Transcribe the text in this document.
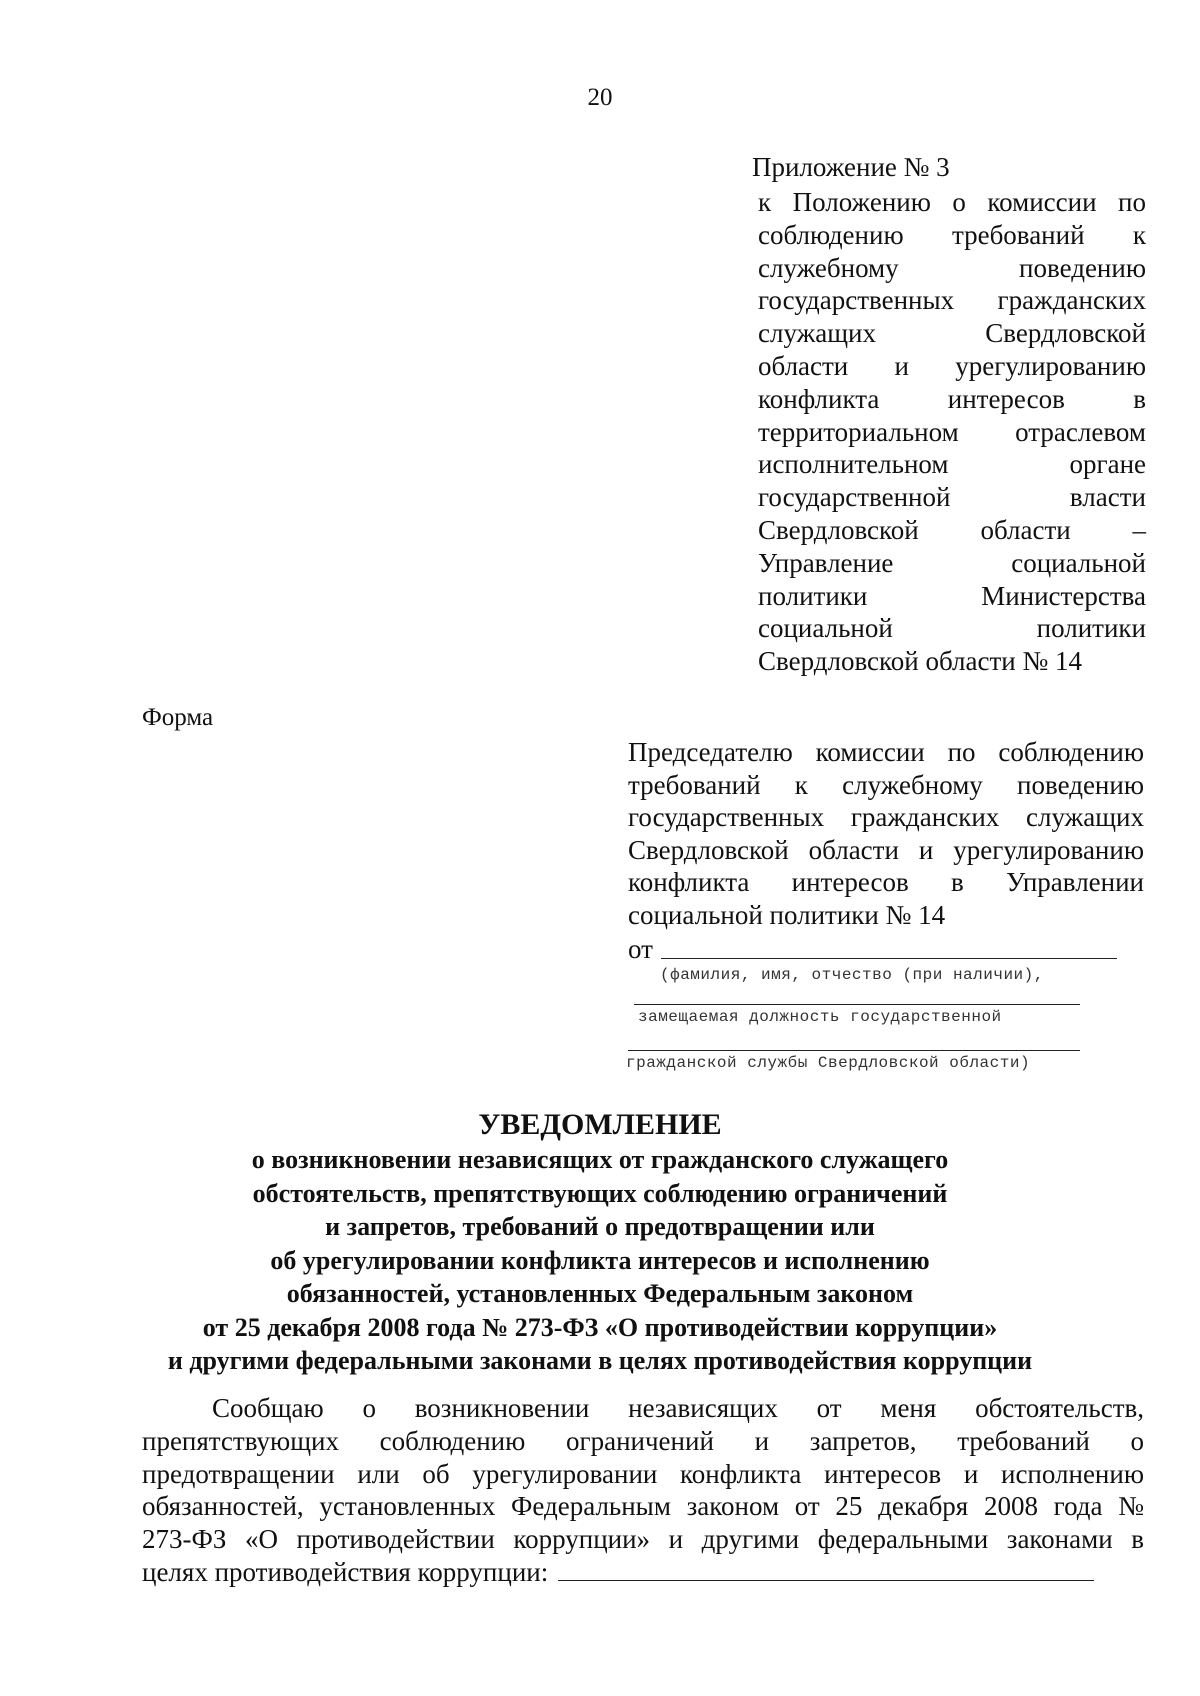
20
Приложение № 3
к Положению о комиссии по
соблюдению требований к
служебному поведению
государственных гражданских
служащих Свердловской
области и урегулированию
конфликта интересов в
территориальном отраслевом
исполнительном органе
государственной власти
Свердловской области –
Управление социальной
политики Министерства
социальной политики
Свердловской области № 14
Форма
Председателю комиссии по соблюдению
требований к служебному поведению
государственных гражданских служащих
Свердловской области и урегулированию
конфликта интересов в Управлении
социальной политики № 14
от
(фамилия, имя, отчество (при наличии),
замещаемая должность государственной
гражданской службы Свердловской области)
УВЕДОМЛЕНИЕ
о возникновении независящих от гражданского служащего
обстоятельств, препятствующих соблюдению ограничений
и запретов, требований о предотвращении или
об урегулировании конфликта интересов и исполнению
обязанностей, установленных Федеральным законом
от 25 декабря 2008 года № 273-ФЗ «О противодействии коррупции»
и другими федеральными законами в целях противодействия коррупции
Сообщаю о возникновении независящих от меня обстоятельств,
препятствующих соблюдению ограничений и запретов, требований о
предотвращении или об урегулировании конфликта интересов и исполнению
обязанностей, установленных Федеральным законом от 25 декабря 2008 года №
273-ФЗ «О противодействии коррупции» и другими федеральными законами в
целях противодействия коррупции:
